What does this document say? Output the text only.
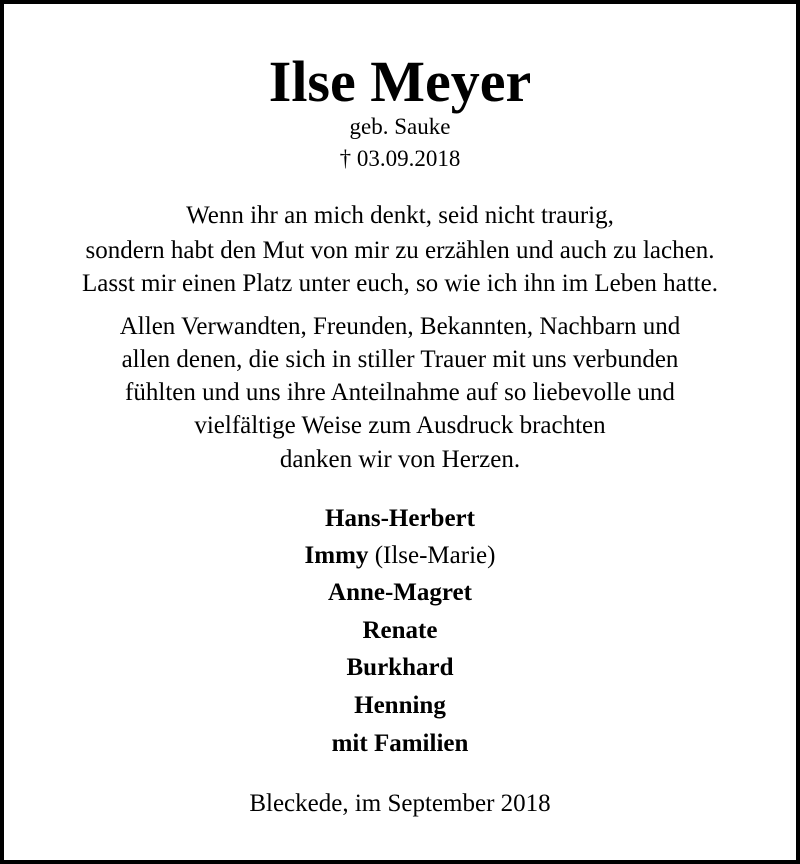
Ilse Meyer
geb. Sauke
† 03.09.2018
Wenn ihr an mich denkt, seid nicht traurig,
sondern habt den Mut von mir zu erzählen und auch zu lachen.
Lasst mir einen Platz unter euch, so wie ich ihn im Leben hatte.
Allen Verwandten, Freunden, Bekannten, Nachbarn und
allen denen, die sich in stiller Trauer mit uns verbunden
fühlten und uns ihre Anteilnahme auf so liebevolle und
vielfältige Weise zum Ausdruck brachten
danken wir von Herzen.
Hans-Herbert
Immy (Ilse-Marie)
Anne-Magret
Renate
Burkhard
Henning
mit Familien
Bleckede, im September 2018
